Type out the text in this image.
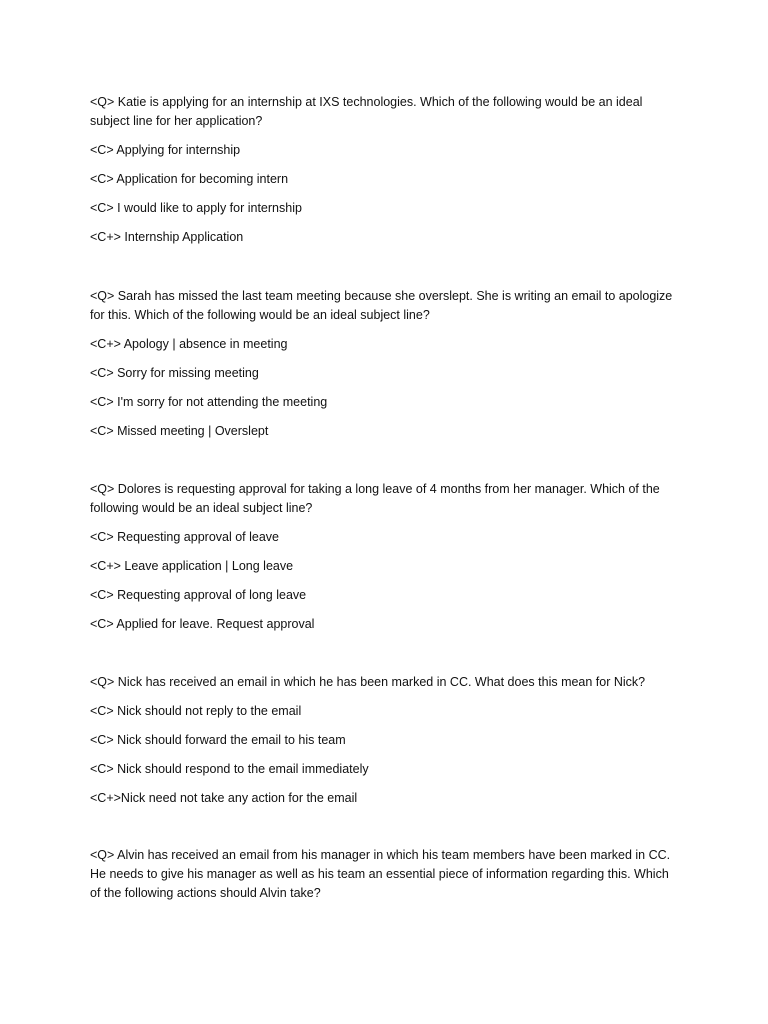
<Q> Katie is applying for an internship at IXS technologies. Which of the following would be an ideal subject line for her application?
<C> Applying for internship
<C> Application for becoming intern
<C> I would like to apply for internship
<C+> Internship Application
<Q> Sarah has missed the last team meeting because she overslept. She is writing an email to apologize for this. Which of the following would be an ideal subject line?
<C+> Apology | absence in meeting
<C> Sorry for missing meeting
<C> I'm sorry for not attending the meeting
<C> Missed meeting | Overslept
<Q> Dolores is requesting approval for taking a long leave of 4 months from her manager. Which of the following would be an ideal subject line?
<C> Requesting approval of leave
<C+> Leave application | Long leave
<C> Requesting approval of long leave
<C> Applied for leave. Request approval
<Q> Nick has received an email in which he has been marked in CC. What does this mean for Nick?
<C> Nick should not reply to the email
<C> Nick should forward the email to his team
<C> Nick should respond to the email immediately
<C+>Nick need not take any action for the email
<Q> Alvin has received an email from his manager in which his team members have been marked in CC. He needs to give his manager as well as his team an essential piece of information regarding this. Which of the following actions should Alvin take?
